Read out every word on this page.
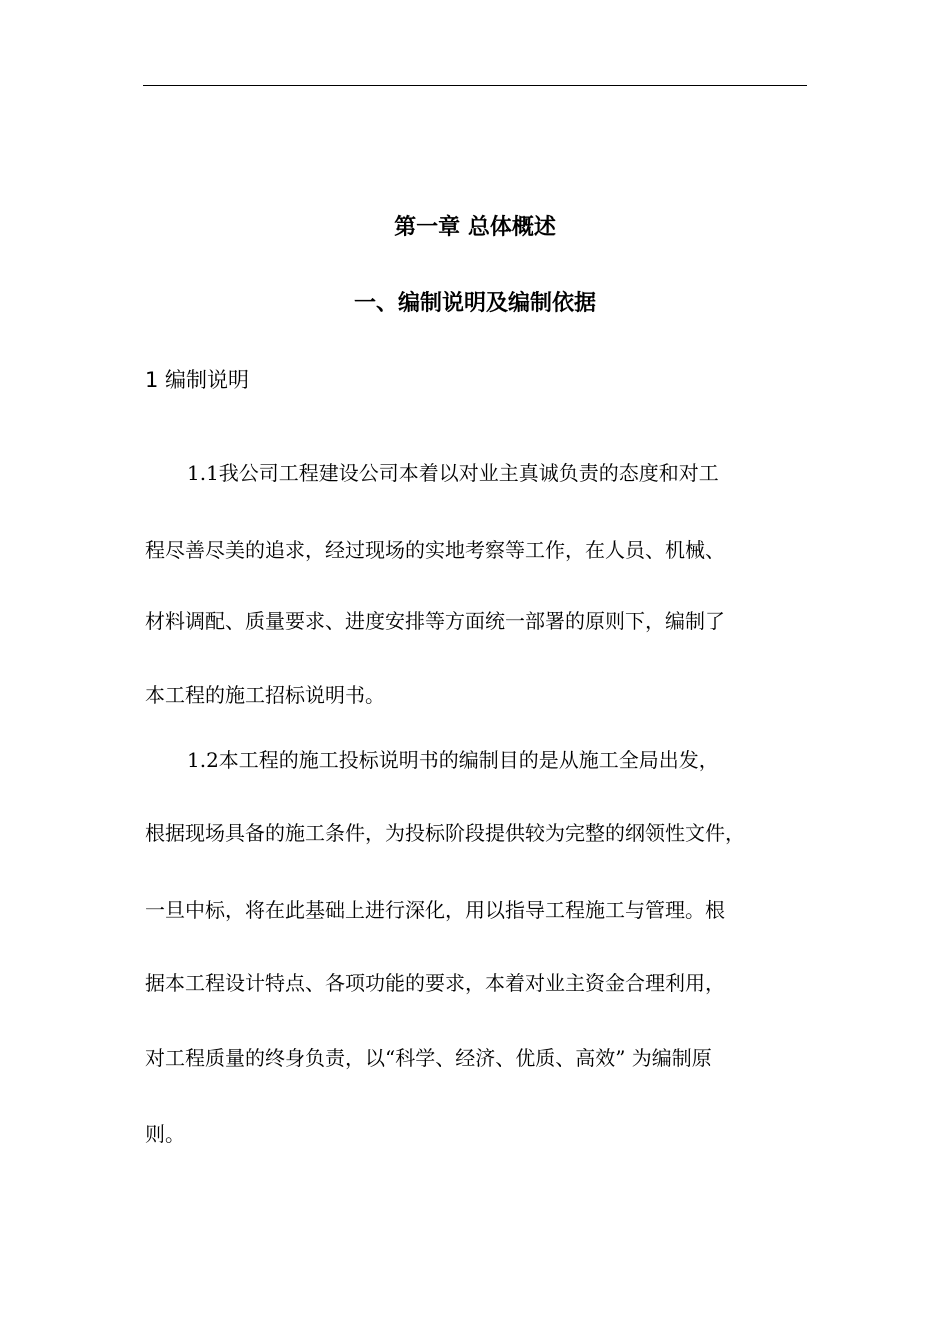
第一章 总体概述
一、编制说明及编制依据
1 编制说明
1.1我公司工程建设公司本着以对业主真诚负责的态度和对工
程尽善尽美的追求，经过现场的实地考察等工作，在人员、机械、
材料调配、质量要求、进度安排等方面统一部署的原则下，编制了
本工程的施工招标说明书。
1.2本工程的施工投标说明书的编制目的是从施工全局出发，
根据现场具备的施工条件，为投标阶段提供较为完整的纲领性文件，
一旦中标，将在此基础上进行深化，用以指导工程施工与管理。根
据本工程设计特点、各项功能的要求，本着对业主资金合理利用，
对工程质量的终身负责，以“科学、经济、优质、高效” 为编制原
则。
